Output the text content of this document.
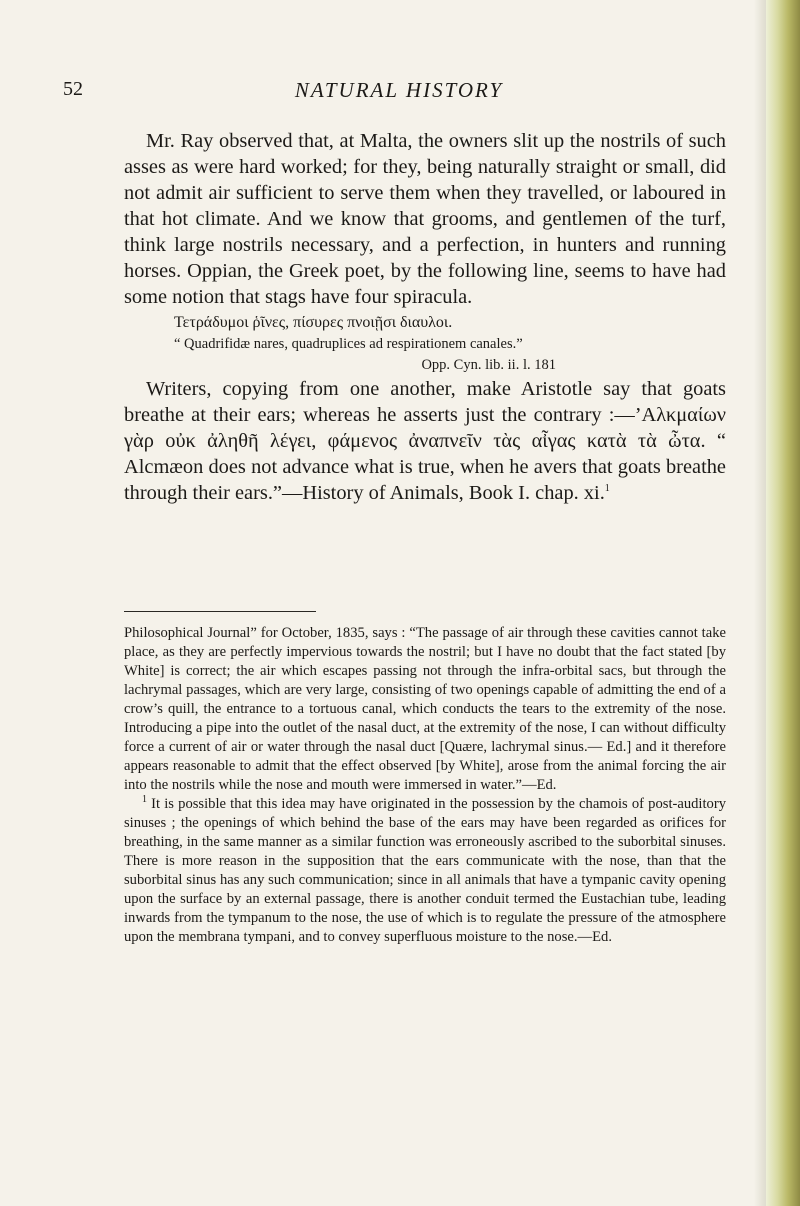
52	NATURAL HISTORY

Mr. Ray observed that, at Malta, the owners slit up the nostrils of such asses as were hard worked; for they, being naturally straight or small, did not admit air sufficient to serve them when they travelled, or laboured in that hot climate. And we know that grooms, and gentlemen of the turf, think large nostrils necessary, and a perfection, in hunters and running horses. Oppian, the Greek poet, by the following line, seems to have had some notion that stags have four spiracula.

Τετράδυμοι ῥῖνες, πίσυρες πνοιῇσι διαυλοι.

“ Quadrifidæ nares, quadruplices ad respirationem canales.”

Opp. Cyn. lib. ii. l. 181

Writers, copying from one another, make Aristotle say that goats breathe at their ears; whereas he asserts just the contrary :—’Αλκμαίων γὰρ οὐκ ἀληθῆ λέγει, φάμενος ἀναπνεῖν τὰς αἶγας κατὰ τὰ ὦτα. “ Alcmæon does not advance what is true, when he avers that goats breathe through their ears.”—History of Animals, Book I. chap. xi.$^1$

Philosophical Journal” for October, 1835, says : “The passage of air through these cavities cannot take place, as they are perfectly impervious towards the nostril; but I have no doubt that the fact stated [by White] is correct; the air which escapes passing not through the infra-orbital sacs, but through the lachrymal passages, which are very large, consisting of two openings capable of admitting the end of a crow’s quill, the entrance to a tortuous canal, which conducts the tears to the extremity of the nose. Introducing a pipe into the outlet of the nasal duct, at the extremity of the nose, I can without difficulty force a current of air or water through the nasal duct [Quære, lachrymal sinus.— Ed.] and it therefore appears reasonable to admit that the effect observed [by White], arose from the animal forcing the air into the nostrils while the nose and mouth were immersed in water.”—Ed.

$^1$ It is possible that this idea may have originated in the possession by the chamois of post-auditory sinuses ; the openings of which behind the base of the ears may have been regarded as orifices for breathing, in the same manner as a similar function was erroneously ascribed to the suborbital sinuses. There is more reason in the supposition that the ears communicate with the nose, than that the suborbital sinus has any such communication; since in all animals that have a tympanic cavity opening upon the surface by an external passage, there is another conduit termed the Eustachian tube, leading inwards from the tympanum to the nose, the use of which is to regulate the pressure of the atmosphere upon the membrana tympani, and to convey superfluous moisture to the nose.—Ed.
